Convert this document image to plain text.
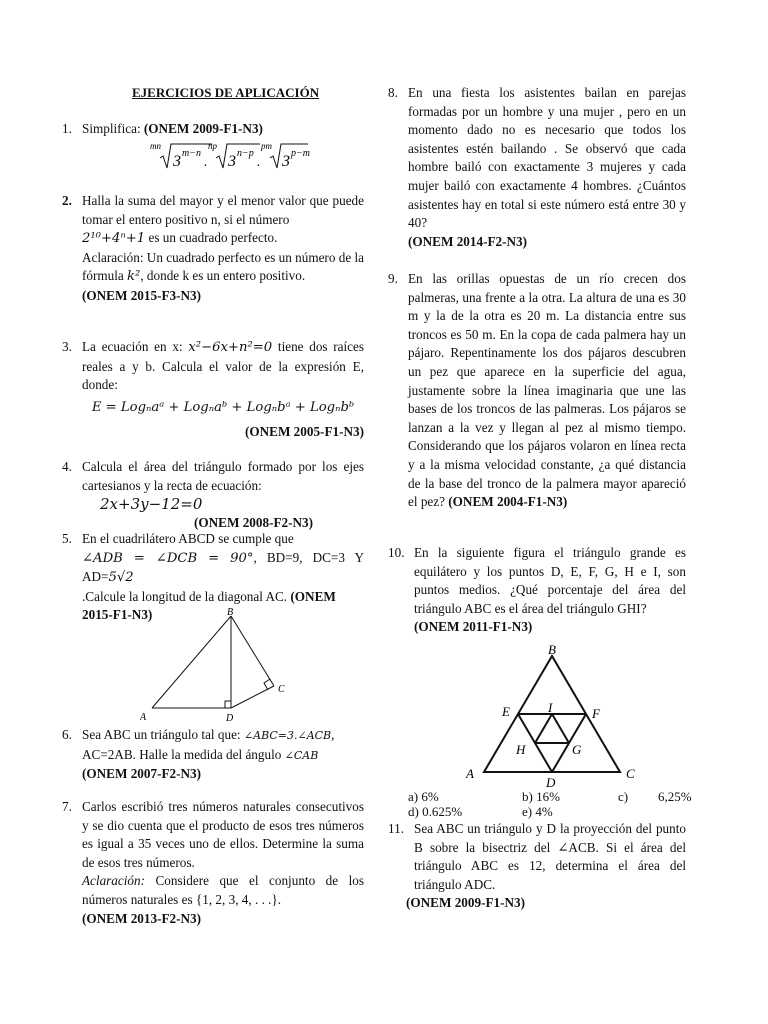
EJERCICIOS DE APLICACIÓN
1. Simplifica: (ONEM 2009-F1-N3)
mn
3 m−n
.
np
3 n−p
.
pm
3 p−m
2. Halla la suma del mayor y el menor valor que puede tomar el entero positivo n, si el número
2¹⁰+4ⁿ+1 es un cuadrado perfecto.
Aclaración: Un cuadrado perfecto es un número de la fórmula k², donde k es un entero positivo.
(ONEM 2015-F3-N3)
3. La ecuación en x: x²−6x+n²=0 tiene dos raíces reales a y b. Calcula el valor de la expresión E, donde:
E = Logₙaᵃ + Logₙaᵇ + Logₙbᵃ + Logₙbᵇ
(ONEM 2005-F1-N3)
4. Calcula el área del triángulo formado por los ejes cartesianos y la recta de ecuación:
2x+3y−12=0
(ONEM 2008-F2-N3)
5. En el cuadrilátero ABCD se cumple que
∠ADB = ∠DCB = 90°, BD=9, DC=3 Y AD=5√2
.Calcule la longitud de la diagonal AC. (ONEM
2015-F1-N3)
A
B
C
D
6. Sea ABC un triángulo tal que: ∠ABC=3.∠ACB,
AC=2AB. Halle la medida del ángulo ∠CAB
(ONEM 2007-F2-N3)
7. Carlos escribió tres números naturales consecutivos y se dio cuenta que el producto de esos tres números es igual a 35 veces uno de ellos. Determine la suma de esos tres números.
Aclaración: Considere que el conjunto de los números naturales es {1, 2, 3, 4, . . .}.
(ONEM 2013-F2-N3)
8. En una fiesta los asistentes bailan en parejas formadas por un hombre y una mujer , pero en un momento dado no es necesario que todos los asistentes estén bailando . Se observó que cada hombre bailó con exactamente 3 mujeres y cada mujer bailó con exactamente 4 hombres. ¿Cuántos asistentes hay en total si este número está entre 30 y 40?
(ONEM 2014-F2-N3)
9. En las orillas opuestas de un río crecen dos palmeras, una frente a la otra. La altura de una es 30 m y la de la otra es 20 m. La distancia entre sus troncos es 50 m. En la copa de cada palmera hay un pájaro. Repentinamente los dos pájaros descubren un pez que aparece en la superficie del agua, justamente sobre la línea imaginaria que une las bases de los troncos de las palmeras. Los pájaros se lanzan a la vez y llegan al pez al mismo tiempo. Considerando que los pájaros volaron en línea recta y a la misma velocidad constante, ¿a qué distancia de la base del tronco de la palmera mayor apareció el pez? (ONEM 2004-F1-N3)
10. En la siguiente figura el triángulo grande es equilátero y los puntos D, E, F, G, H e I, son puntos medios. ¿Qué porcentaje del área del triángulo ABC es el área del triángulo GHI?
(ONEM 2011-F1-N3)
B
E	I	F
H	G
A	C
D
a) 6%	b) 16%	c) 6,25%
d) 0.625%	e) 4%
11. Sea ABC un triángulo y D la proyección del punto B sobre la bisectriz del ∠ACB. Si el área del triángulo ABC es 12, determina el área del triángulo ADC.
(ONEM 2009-F1-N3)
